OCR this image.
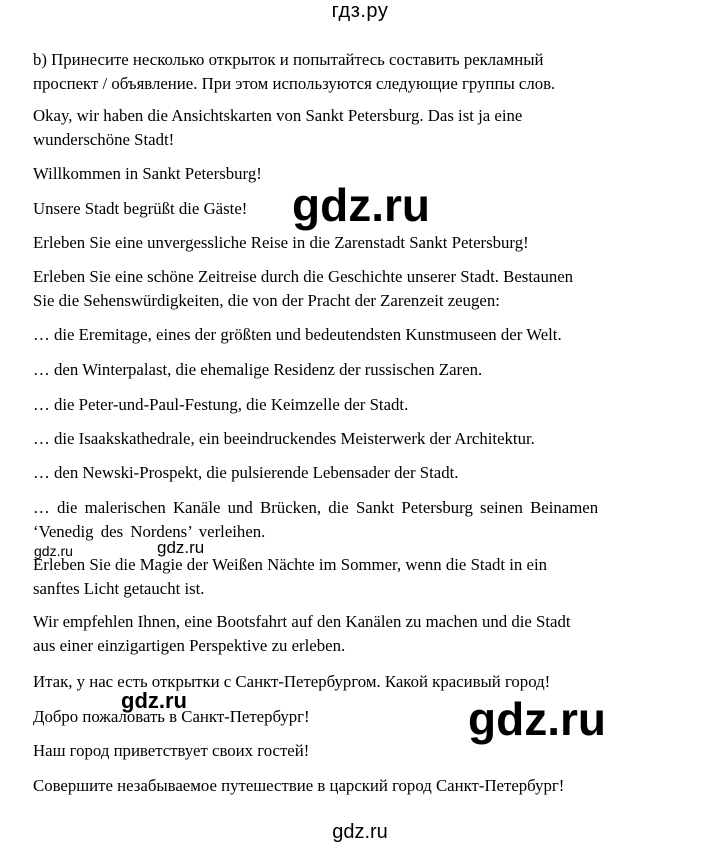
гдз.ру
b) Принесите несколько открыток и попытайтесь составить рекламный
проспект / объявление. При этом используются следующие группы слов.
Okay, wir haben die Ansichtskarten von Sankt Petersburg. Das ist ja eine
wunderschöne Stadt!
Willkommen in Sankt Petersburg!
Unsere Stadt begrüßt die Gäste!
Erleben Sie eine unvergessliche Reise in die Zarenstadt Sankt Petersburg!
Erleben Sie eine schöne Zeitreise durch die Geschichte unserer Stadt. Bestaunen
Sie die Sehenswürdigkeiten, die von der Pracht der Zarenzeit zeugen:
… die Eremitage, eines der größten und bedeutendsten Kunstmuseen der Welt.
… den Winterpalast, die ehemalige Residenz der russischen Zaren.
… die Peter-und-Paul-Festung, die Keimzelle der Stadt.
… die Isaakskathedrale, ein beeindruckendes Meisterwerk der Architektur.
… den Newski-Prospekt, die pulsierende Lebensader der Stadt.
… die malerischen Kanäle und Brücken, die Sankt Petersburg seinen Beinamen
‘Venedig des Nordens’ verleihen.
Erleben Sie die Magie der Weißen Nächte im Sommer, wenn die Stadt in ein
sanftes Licht getaucht ist.
Wir empfehlen Ihnen, eine Bootsfahrt auf den Kanälen zu machen und die Stadt
aus einer einzigartigen Perspektive zu erleben.
Итак, у нас есть открытки с Санкт-Петербургом. Какой красивый город!
Добро пожаловать в Санкт-Петербург!
Наш город приветствует своих гостей!
Совершите незабываемое путешествие в царский город Санкт-Петербург!
gdz.ru
gdz.ru
gdz.ru
gdz.ru	gdz.ru
gdz.ru
